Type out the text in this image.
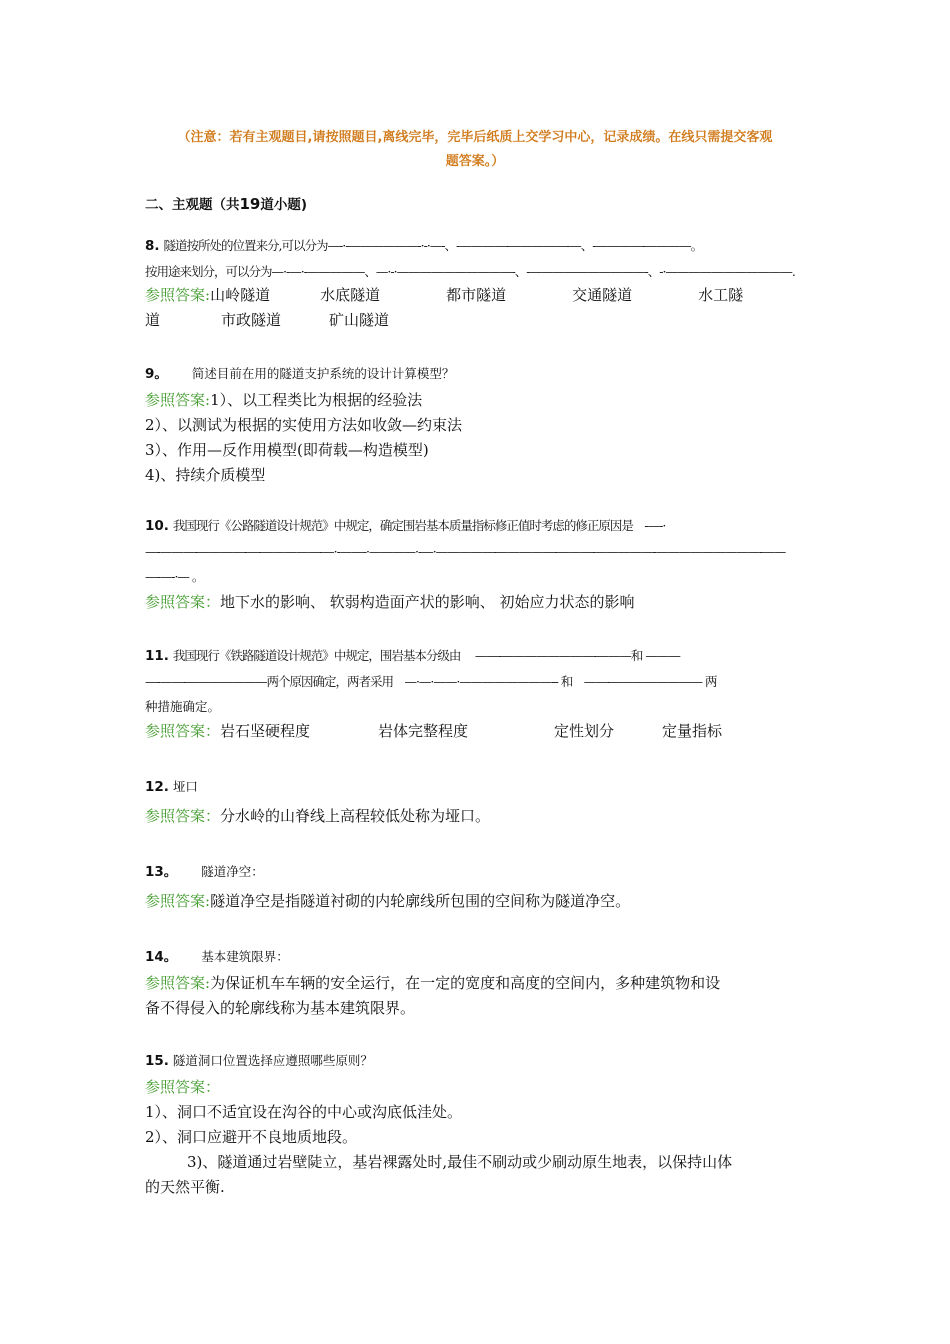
（注意：若有主观题目,请按照题目,离线完毕，完毕后纸质上交学习中心，记录成绩。在线只需提交客观
题答案。）
二、主观题（共19道小题)
8. 隧道按所处的位置来分,可以分为—-·-——————-·-·—-、-————-—————-—、-————-————。
按用途来划分，可以分为—·-—·-—————、—·-·——————————-、-——————————-、-·———————————.
参照答案:山岭隧道	水底隧道	都市隧道	交通隧道	水工隧
道	市政隧道	矿山隧道
9。 简述目前在用的隧道支护系统的设计计算模型？
参照答案:1）、以工程类比为根据的经验法
2）、以测试为根据的实使用方法如收敛—约束法
3）、作用—反作用模型(即荷载—构造模型)
4)、持续介质模型
10. 我国现行《公路隧道设计规范》中规定，确定围岩基本质量指标修正值时考虑的修正原因是　-—-·
—-———-————-—-—————-—·-——-·————·-—·—————-—————-———-—————-—————————-——
—-—-·— 。
参照答案：地下水的影响、 软弱构造面产状的影响、 初始应力状态的影响
11. 我国现行《铁路隧道设计规范》中规定，围岩基本分级由　 ——-————————-———和 ———
—-——-———————两个原因确定，两者采用　—·—·——·————————-- 和　——-———————— 两
种措施确定。
参照答案：岩石坚硬程度	岩体完整程度	定性划分	定量指标
12. 垭口
参照答案：分水岭的山脊线上高程较低处称为垭口。
13。 隧道净空：
参照答案:隧道净空是指隧道衬砌的内轮廓线所包围的空间称为隧道净空。
14。 基本建筑限界：
参照答案:为保证机车车辆的安全运行，在一定的宽度和高度的空间内，多种建筑物和设
备不得侵入的轮廓线称为基本建筑限界。
15. 隧道洞口位置选择应遵照哪些原则？
参照答案：
1）、洞口不适宜设在沟谷的中心或沟底低洼处。
2）、洞口应避开不良地质地段。
3)、隧道通过岩壁陡立，基岩裸露处时,最佳不刷动或少刷动原生地表，以保持山体
的天然平衡.
